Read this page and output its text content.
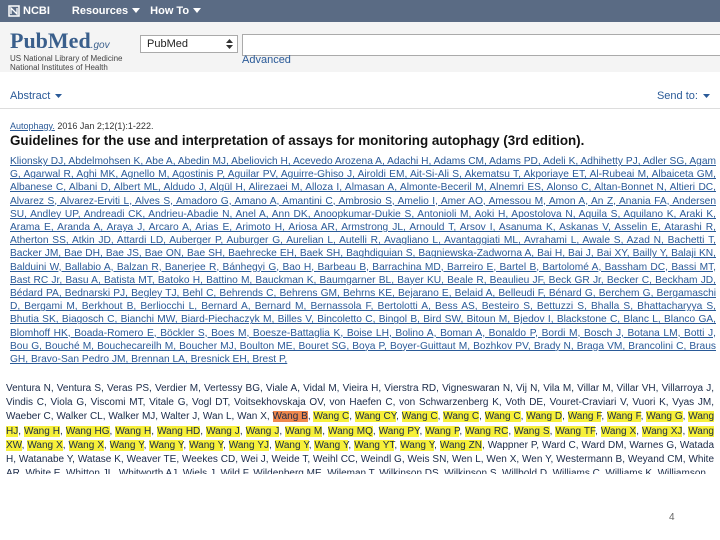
NCBI Resources How To
PubMed.gov
US National Library of Medicine
National Institutes of Health
PubMed
Advanced
Abstract	Send to:
Autophagy. 2016 Jan 2;12(1):1-222.
Guidelines for the use and interpretation of assays for monitoring autophagy (3rd edition).
Klionsky DJ, Abdelmohsen K, Abe A, Abedin MJ, Abeliovich H, Acevedo Arozena A, Adachi H, Adams CM, Adams PD, Adeli K, Adhihetty PJ, Adler SG, Agam G, Agarwal R, Aghi MK, Agnello M, Agostinis P, Aguilar PV, Aguirre-Ghiso J, Airoldi EM, Ait-Si-Ali S, Akematsu T, Akporiaye ET, Al-Rubeai M, Albaiceta GM, Albanese C, Albani D, Albert ML, Aldudo J, Algül H, Alirezaei M, Alloza I, Almasan A, Almonte-Beceril M, Alnemri ES, Alonso C, Altan-Bonnet N, Altieri DC, Alvarez S, Alvarez-Erviti L, Alves S, Amadoro G, Amano A, Amantini C, Ambrosio S, Amelio I, Amer AO, Amessou M, Amon A, An Z, Anania FA, Andersen SU, Andley UP, Andreadi CK, Andrieu-Abadie N, Anel A, Ann DK, Anoopkumar-Dukie S, Antonioli M, Aoki H, Apostolova N, Aquila S, Aquilano K, Araki K, Arama E, Aranda A, Araya J, Arcaro A, Arias E, Arimoto H, Ariosa AR, Armstrong JL, Arnould T, Arsov I, Asanuma K, Askanas V, Asselin E, Atarashi R, Atherton SS, Atkin JD, Attardi LD, Auberger P, Auburger G, Aurelian L, Autelli R, Avagliano L, Avantaggiati ML, Avrahami L, Awale S, Azad N, Bachetti T, Backer JM, Bae DH, Bae JS, Bae ON, Bae SH, Baehrecke EH, Baek SH, Baghdiguian S, Bagniewska-Zadworna A, Bai H, Bai J, Bai XY, Bailly Y, Balaji KN, Balduini W, Ballabio A, Balzan R, Banerjee R, Bánhegyi G, Bao H, Barbeau B, Barrachina MD, Barreiro E, Bartel B, Bartolomé A, Bassham DC, Bassi MT, Bast RC Jr, Basu A, Batista MT, Batoko H, Battino M, Bauckman K, Baumgarner BL, Bayer KU, Beale R, Beaulieu JF, Beck GR Jr, Becker C, Beckham JD, Bédard PA, Bednarski PJ, Begley TJ, Behl C, Behrends C, Behrens GM, Behrns KE, Bejarano E, Belaid A, Belleudi F, Bénard G, Berchem G, Bergamaschi D, Bergami M, Berkhout B, Berliocchi L, Bernard A, Bernard M, Bernassola F, Bertolotti A, Bess AS, Besteiro S, Bettuzzi S, Bhalla S, Bhattacharyya S, Bhutia SK, Biagosch C, Bianchi MW, Biard-Piechaczyk M, Billes V, Bincoletto C, Bingol B, Bird SW, Bitoun M, Bjedov I, Blackstone C, Blanc L, Blanco GA, Blomhoff HK, Boada-Romero E, Böckler S, Boes M, Boesze-Battaglia K, Boise LH, Bolino A, Boman A, Bonaldo P, Bordi M, Bosch J, Botana LM, Botti J, Bou G, Bouché M, Bouchecareilh M, Boucher MJ, Boulton ME, Bouret SG, Boya P, Boyer-Guittaut M, Bozhkov PV, Brady N, Braga VM, Brancolini C, Braus GH, Bravo-San Pedro JM, Brennan LA, Bresnick EH, Brest P,
Ventura N, Ventura S, Veras PS, Verdier M, Vertessy BG, Viale A, Vidal M, Vieira H, Vierstra RD, Vigneswaran N, Vij N, Vila M, Villar M, Villar VH, Villarroya J, Vindis C, Viola G, Viscomi MT, Vitale G, Vogl DT, Voitsekhovskaja OV, von Haefen C, von Schwarzenberg K, Voth DE, Vouret-Craviari V, Vuori K, Vyas JM, Waeber C, Walker CL, Walker MJ, Walter J, Wan L, Wan X, Wang B, Wang C, Wang CY, Wang C, Wang C, Wang C, Wang D, Wang F, Wang F, Wang G, Wang HJ, Wang H, Wang HG, Wang H, Wang HD, Wang J, Wang J, Wang M, Wang MQ, Wang PY, Wang P, Wang RC, Wang S, Wang TF, Wang X, Wang XJ, Wang XW, Wang X, Wang X, Wang Y, Wang Y, Wang Y, Wang YJ, Wang Y, Wang Y, Wang YT, Wang Y, Wang ZN, Wappner P, Ward C, Ward DM, Warnes G, Watada H, Watanabe Y, Watase K, Weaver TE, Weekes CD, Wei J, Weide T, Weihl CC, Weindl G, Weis SN, Wen L, Wen X, Wen Y, Westermann B, Weyand CM, White
4
